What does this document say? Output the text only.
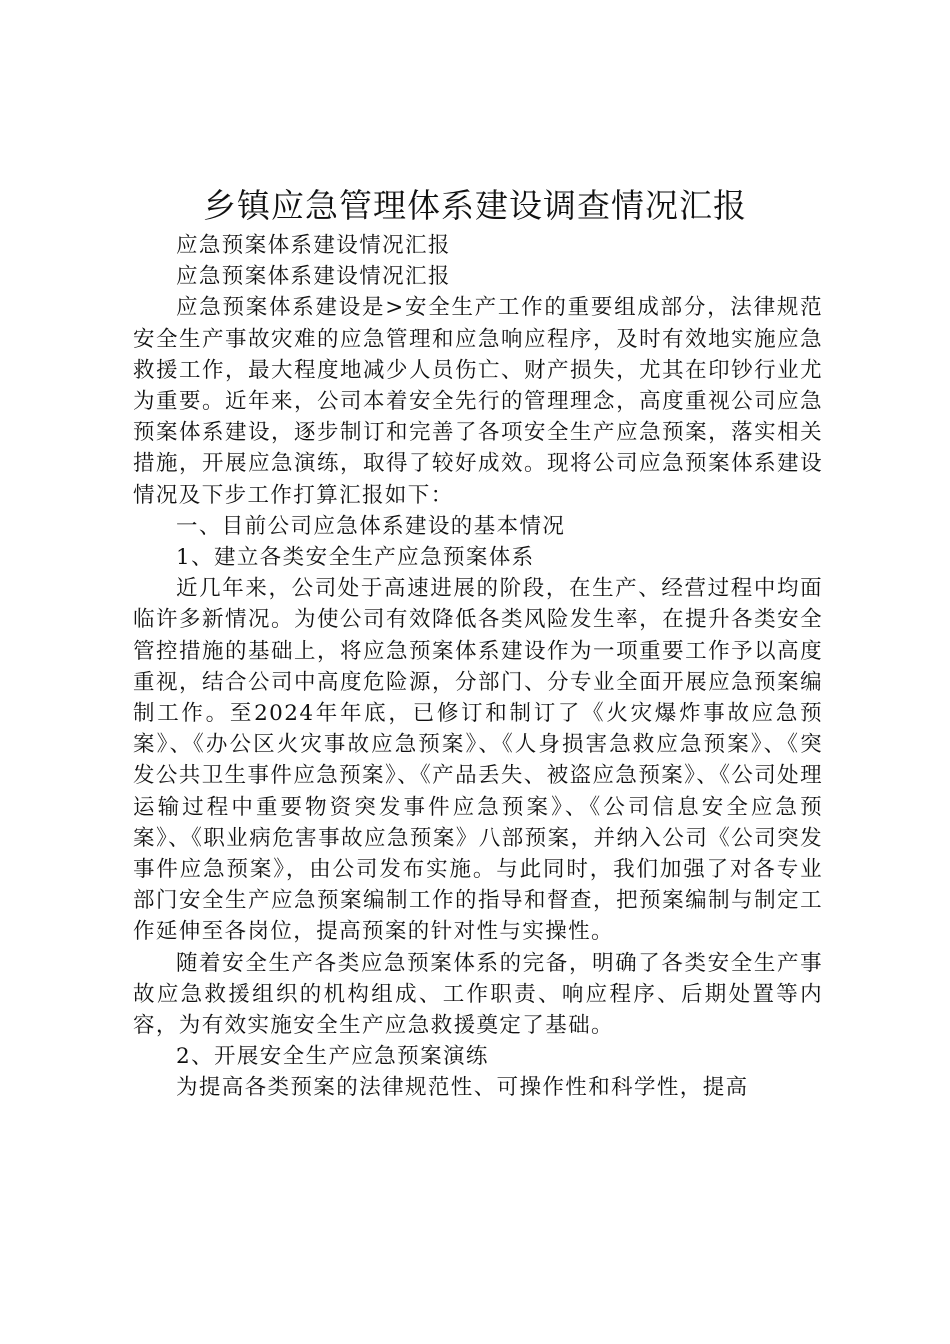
乡镇应急管理体系建设调查情况汇报

应急预案体系建设情况汇报

应急预案体系建设情况汇报

应急预案体系建设是>安全生产工作的重要组成部分，法律规范安全生产事故灾难的应急管理和应急响应程序，及时有效地实施应急救援工作，最大程度地减少人员伤亡、财产损失，尤其在印钞行业尤为重要。近年来，公司本着安全先行的管理理念，高度重视公司应急预案体系建设，逐步制订和完善了各项安全生产应急预案，落实相关措施，开展应急演练，取得了较好成效。现将公司应急预案体系建设情况及下步工作打算汇报如下：

一、目前公司应急体系建设的基本情况

1、建立各类安全生产应急预案体系

近几年来，公司处于高速进展的阶段，在生产、经营过程中均面临许多新情况。为使公司有效降低各类风险发生率，在提升各类安全管控措施的基础上，将应急预案体系建设作为一项重要工作予以高度重视，结合公司中高度危险源，分部门、分专业全面开展应急预案编制工作。至2024年年底，已修订和制订了《火灾爆炸事故应急预案》、《办公区火灾事故应急预案》、《人身损害急救应急预案》、《突发公共卫生事件应急预案》、《产品丢失、被盗应急预案》、《公司处理运输过程中重要物资突发事件应急预案》、《公司信息安全应急预案》、《职业病危害事故应急预案》八部预案，并纳入公司《公司突发事件应急预案》，由公司发布实施。与此同时，我们加强了对各专业部门安全生产应急预案编制工作的指导和督查，把预案编制与制定工作延伸至各岗位，提高预案的针对性与实操性。

随着安全生产各类应急预案体系的完备，明确了各类安全生产事故应急救援组织的机构组成、工作职责、响应程序、后期处置等内容，为有效实施安全生产应急救援奠定了基础。

2、开展安全生产应急预案演练

为提高各类预案的法律规范性、可操作性和科学性，提高
